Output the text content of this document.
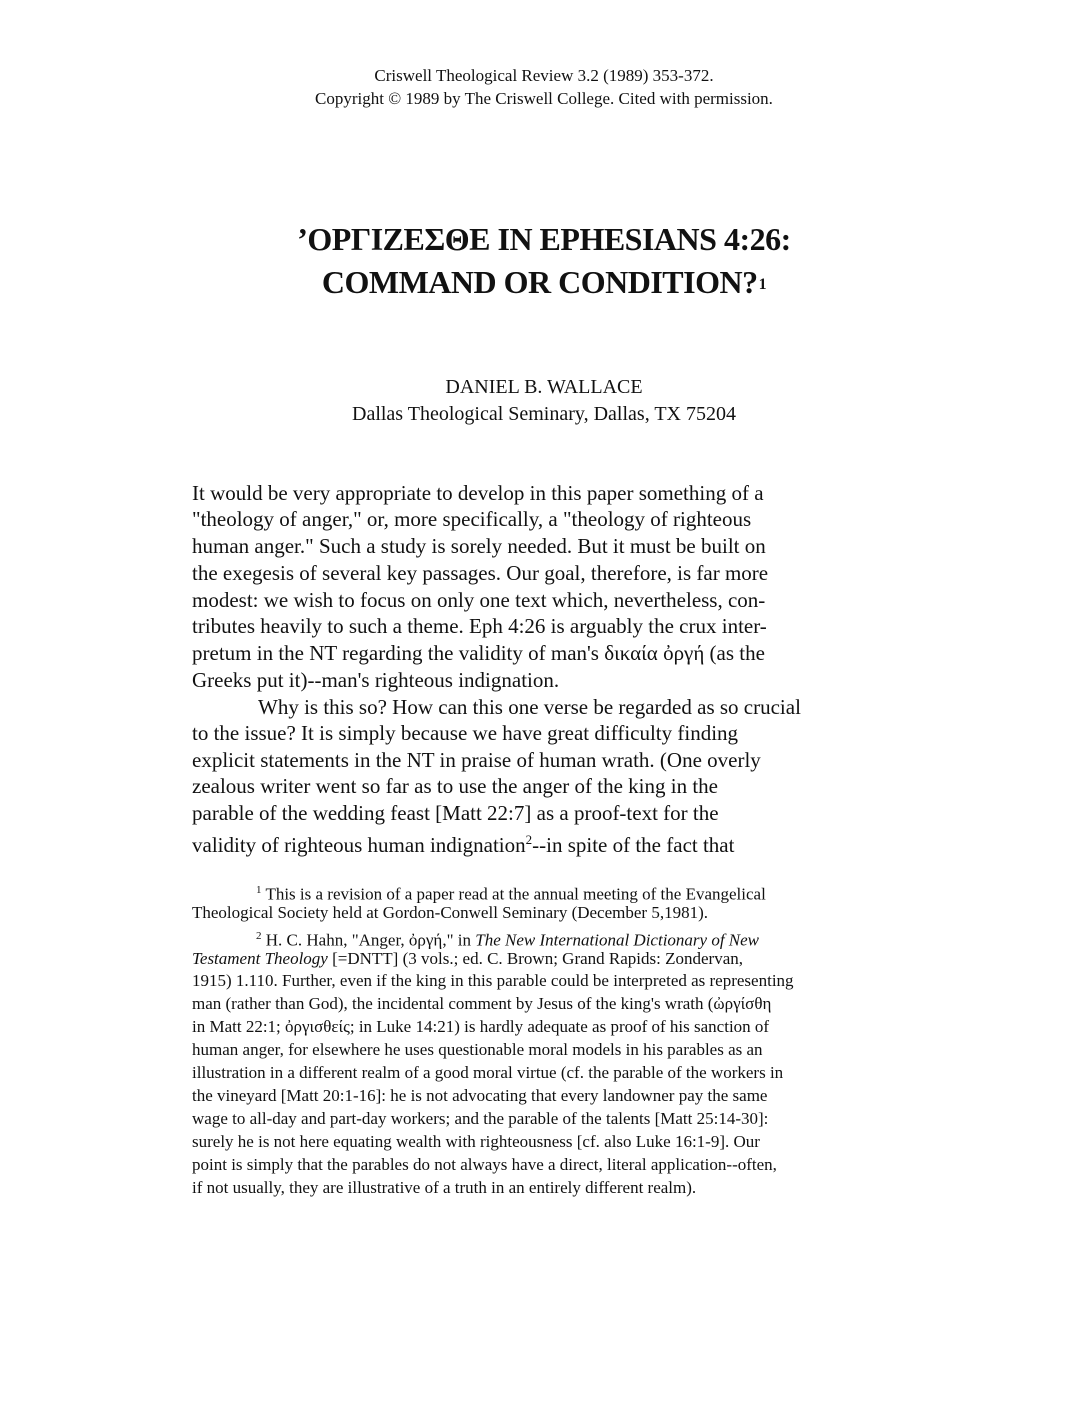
Criswell Theological Review 3.2 (1989) 353-372.
Copyright © 1989 by The Criswell College. Cited with permission.
’ΟΡΓΙΖΕΣΘΕ IN EPHESIANS 4:26:
COMMAND OR CONDITION?$^1$
DANIEL B. WALLACE
Dallas Theological Seminary, Dallas, TX 75204
It would be very appropriate to develop in this paper something of a
"theology of anger," or, more specifically, a "theology of righteous
human anger." Such a study is sorely needed. But it must be built on
the exegesis of several key passages. Our goal, therefore, is far more
modest: we wish to focus on only one text which, nevertheless, con-
tributes heavily to such a theme. Eph 4:26 is arguably the crux inter-
pretum in the NT regarding the validity of man's δικαία ὀργή (as the
Greeks put it)--man's righteous indignation.
Why is this so? How can this one verse be regarded as so crucial
to the issue? It is simply because we have great difficulty finding
explicit statements in the NT in praise of human wrath. (One overly
zealous writer went so far as to use the anger of the king in the
parable of the wedding feast [Matt 22:7] as a proof-text for the
validity of righteous human indignation$^2$--in spite of the fact that
$^1$ This is a revision of a paper read at the annual meeting of the Evangelical
Theological Society held at Gordon-Conwell Seminary (December 5,1981).
$^2$ H. C. Hahn, "Anger, ὀργή," in The New International Dictionary of New
Testament Theology [=DNTT] (3 vols.; ed. C. Brown; Grand Rapids: Zondervan,
1915) 1.110. Further, even if the king in this parable could be interpreted as representing
man (rather than God), the incidental comment by Jesus of the king's wrath (ὠργίσθη
in Matt 22:1; ὀργισθείς; in Luke 14:21) is hardly adequate as proof of his sanction of
human anger, for elsewhere he uses questionable moral models in his parables as an
illustration in a different realm of a good moral virtue (cf. the parable of the workers in
the vineyard [Matt 20:1-16]: he is not advocating that every landowner pay the same
wage to all-day and part-day workers; and the parable of the talents [Matt 25:14-30]:
surely he is not here equating wealth with righteousness [cf. also Luke 16:1-9]. Our
point is simply that the parables do not always have a direct, literal application--often,
if not usually, they are illustrative of a truth in an entirely different realm).
